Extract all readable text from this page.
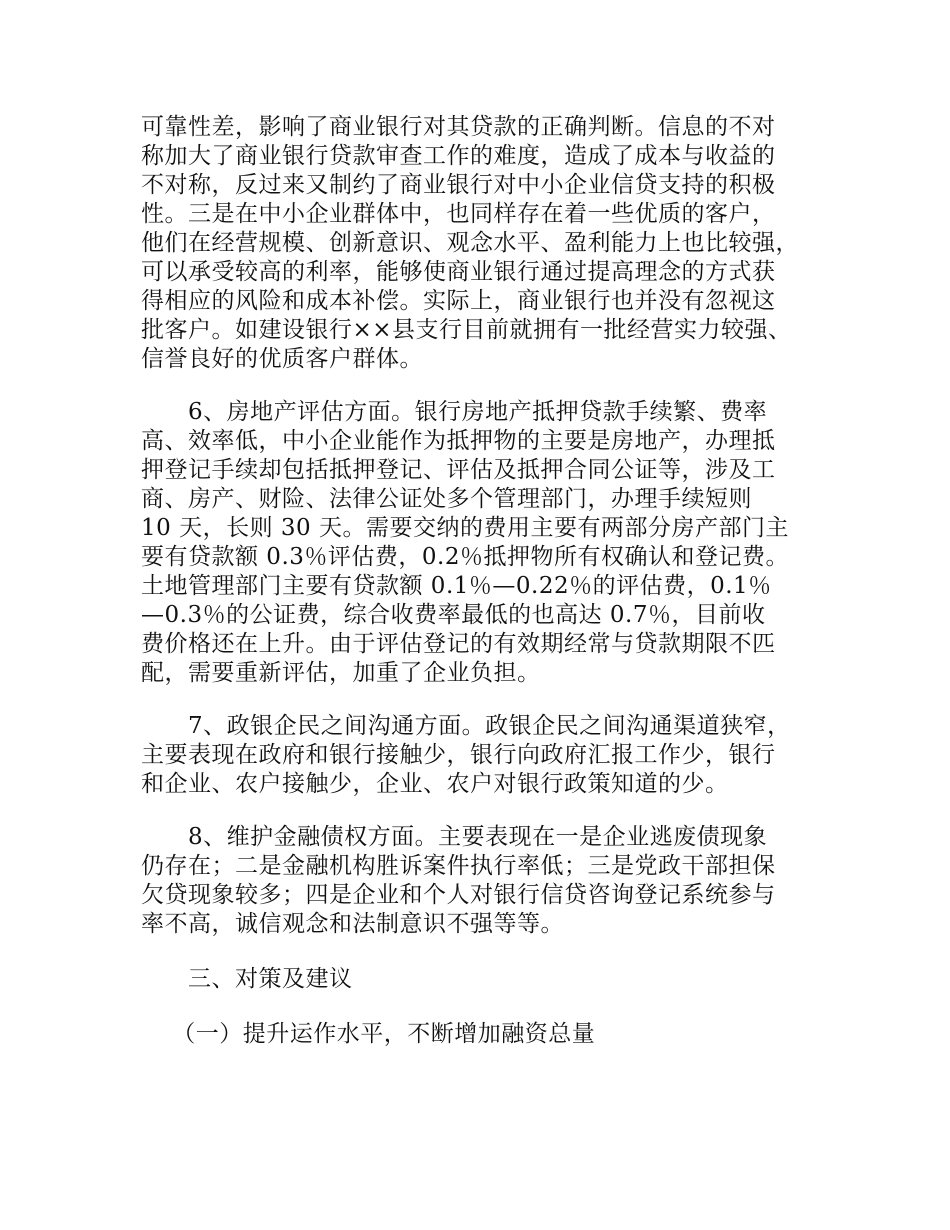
可靠性差，影响了商业银行对其贷款的正确判断。信息的不对
称加大了商业银行贷款审查工作的难度，造成了成本与收益的
不对称，反过来又制约了商业银行对中小企业信贷支持的积极
性。三是在中小企业群体中，也同样存在着一些优质的客户，
他们在经营规模、创新意识、观念水平、盈利能力上也比较强，
可以承受较高的利率，能够使商业银行通过提高理念的方式获
得相应的风险和成本补偿。实际上，商业银行也并没有忽视这
批客户。如建设银行××县支行目前就拥有一批经营实力较强、
信誉良好的优质客户群体。
　　6、房地产评估方面。银行房地产抵押贷款手续繁、费率
高、效率低，中小企业能作为抵押物的主要是房地产，办理抵
押登记手续却包括抵押登记、评估及抵押合同公证等，涉及工
商、房产、财险、法律公证处多个管理部门，办理手续短则
10 天，长则 30 天。需要交纳的费用主要有两部分房产部门主
要有贷款额 0.3％评估费，0.2％抵押物所有权确认和登记费。
土地管理部门主要有贷款额 0.1％—0.22％的评估费，0.1％
—0.3％的公证费，综合收费率最低的也高达 0.7％，目前收
费价格还在上升。由于评估登记的有效期经常与贷款期限不匹
配，需要重新评估，加重了企业负担。
　　7、政银企民之间沟通方面。政银企民之间沟通渠道狭窄，
主要表现在政府和银行接触少，银行向政府汇报工作少，银行
和企业、农户接触少，企业、农户对银行政策知道的少。
　　8、维护金融债权方面。主要表现在一是企业逃废债现象
仍存在；二是金融机构胜诉案件执行率低；三是党政干部担保
欠贷现象较多；四是企业和个人对银行信贷咨询登记系统参与
率不高，诚信观念和法制意识不强等等。
　　三、对策及建议
　 （一）提升运作水平，不断增加融资总量
